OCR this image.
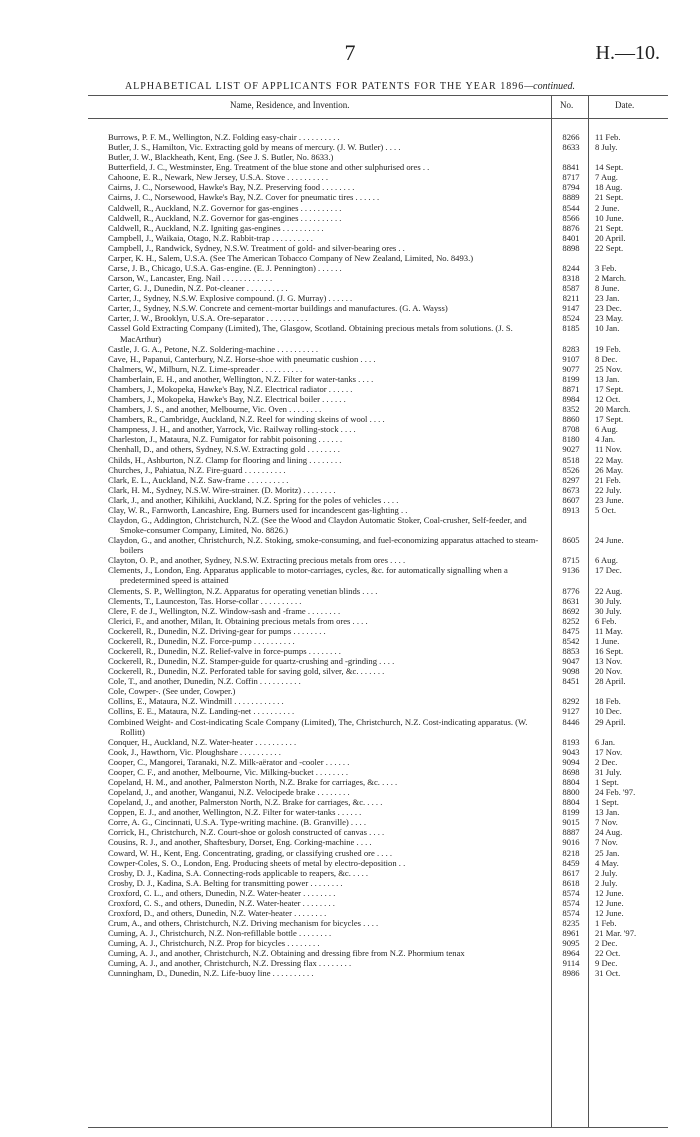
7	H.—10.
ALPHABETICAL LIST OF APPLICANTS FOR PATENTS FOR THE YEAR 1896—continued.
Name, Residence, and Invention.	No.	Date.
Burrows, P. F. M., Wellington, N.Z. Folding easy-chair . . . . . . . . . .	8266	11 Feb.
Butler, J. S., Hamilton, Vic. Extracting gold by means of mercury. (J. W. Butler) . . . .	8633	8 July.
Butler, J. W., Blackheath, Kent, Eng. (See J. S. Butler, No. 8633.)
Butterfield, J. C., Westminster, Eng. Treatment of the blue stone and other sulphurised ores . .	8841	14 Sept.
Cahoone, E. R., Newark, New Jersey, U.S.A. Stove . . . . . . . . . .	8717	7 Aug.
Cairns, J. C., Norsewood, Hawke's Bay, N.Z. Preserving food . . . . . . . .	8794	18 Aug.
Cairns, J. C., Norsewood, Hawke's Bay, N.Z. Cover for pneumatic tires . . . . . .	8889	21 Sept.
Caldwell, R., Auckland, N.Z. Governor for gas-engines . . . . . . . . . .	8544	2 June.
Caldwell, R., Auckland, N.Z. Governor for gas-engines . . . . . . . . . .	8566	10 June.
Caldwell, R., Auckland, N.Z. Igniting gas-engines . . . . . . . . . .	8876	21 Sept.
Campbell, J., Waikaia, Otago, N.Z. Rabbit-trap . . . . . . . . . .	8401	20 April.
Campbell, J., Randwick, Sydney, N.S.W. Treatment of gold- and silver-bearing ores . .	8898	22 Sept.
Carper, K. H., Salem, U.S.A. (See The American Tobacco Company of New Zealand, Limited, No. 8493.)
Carse, J. B., Chicago, U.S.A. Gas-engine. (E. J. Pennington) . . . . . .	8244	3 Feb.
Carson, W., Lancaster, Eng. Nail . . . . . . . . . . . .	8318	2 March.
Carter, G. J., Dunedin, N.Z. Pot-cleaner . . . . . . . . . .	8587	8 June.
Carter, J., Sydney, N.S.W. Explosive compound. (J. G. Murray) . . . . . .	8211	23 Jan.
Carter, J., Sydney, N.S.W. Concrete and cement-mortar buildings and manufactures. (G. A. Wayss)	9147	23 Dec.
Carter, J. W., Brooklyn, U.S.A. Ore-separator . . . . . . . . . .	8524	23 May.
Cassel Gold Extracting Company (Limited), The, Glasgow, Scotland. Obtaining precious metals from solutions. (J. S. MacArthur)
8185	10 Jan.
Castle, J. G. A., Petone, N.Z. Soldering-machine . . . . . . . . . .	8283	19 Feb.
Cave, H., Papanui, Canterbury, N.Z. Horse-shoe with pneumatic cushion . . . .	9107	8 Dec.
Chalmers, W., Milburn, N.Z. Lime-spreader . . . . . . . . . .	9077	25 Nov.
Chamberlain, E. H., and another, Wellington, N.Z. Filter for water-tanks . . . .	8199	13 Jan.
Chambers, J., Mokopeka, Hawke's Bay, N.Z. Electrical radiator . . . . . .	8871	17 Sept.
Chambers, J., Mokopeka, Hawke's Bay, N.Z. Electrical boiler . . . . . .	8984	12 Oct.
Chambers, J. S., and another, Melbourne, Vic. Oven . . . . . . . .	8352	20 March.
Chambers, R., Cambridge, Auckland, N.Z. Reel for winding skeins of wool . . . .	8860	17 Sept.
Champness, J. H., and another, Yarrock, Vic. Railway rolling-stock . . . .	8708	6 Aug.
Charleston, J., Mataura, N.Z. Fumigator for rabbit poisoning . . . . . .	8180	4 Jan.
Chenhall, D., and others, Sydney, N.S.W. Extracting gold . . . . . . . .	9027	11 Nov.
Childs, H., Ashburton, N.Z. Clamp for flooring and lining . . . . . . . .	8518	22 May.
Churches, J., Pahiatua, N.Z. Fire-guard . . . . . . . . . .	8526	26 May.
Clark, E. L., Auckland, N.Z. Saw-frame . . . . . . . . . .	8297	21 Feb.
Clark, H. M., Sydney, N.S.W. Wire-strainer. (D. Moritz) . . . . . . . .	8673	22 July.
Clark, J., and another, Kihikihi, Auckland, N.Z. Spring for the poles of vehicles . . . .	8607	23 June.
Clay, W. R., Farnworth, Lancashire, Eng. Burners used for incandescent gas-lighting . .	8913	5 Oct.
Claydon, G., Addington, Christchurch, N.Z. (See the Wood and Claydon Automatic Stoker, Coal-crusher, Self-feeder, and Smoke-consumer Company, Limited, No. 8826.)
Claydon, G., and another, Christchurch, N.Z. Stoking, smoke-consuming, and fuel-economizing apparatus attached to steam-boilers
8605	24 June.
Clayton, O. P., and another, Sydney, N.S.W. Extracting precious metals from ores . . . .	8715	6 Aug.
Clements, J., London, Eng. Apparatus applicable to motor-carriages, cycles, &c. for automatically signalling when a predetermined speed is attained
9136	17 Dec.
Clements, S. P., Wellington, N.Z. Apparatus for operating venetian blinds . . . .	8776	22 Aug.
Clements, T., Launceston, Tas. Horse-collar . . . . . . . . . .	8631	30 July.
Clere, F. de J., Wellington, N.Z. Window-sash and -frame . . . . . . . .	8692	30 July.
Clerici, F., and another, Milan, It. Obtaining precious metals from ores . . . .	8252	6 Feb.
Cockerell, R., Dunedin, N.Z. Driving-gear for pumps . . . . . . . .	8475	11 May.
Cockerell, R., Dunedin, N.Z. Force-pump . . . . . . . . . .	8542	1 June.
Cockerell, R., Dunedin, N.Z. Relief-valve in force-pumps . . . . . . . .	8853	16 Sept.
Cockerell, R., Dunedin, N.Z. Stamper-guide for quartz-crushing and -grinding . . . .	9047	13 Nov.
Cockerell, R., Dunedin, N.Z. Perforated table for saving gold, silver, &c. . . . . . .	9098	20 Nov.
Cole, T., and another, Dunedin, N.Z. Coffin . . . . . . . . . .	8451	28 April.
Cole, Cowper-. (See under, Cowper.)
Collins, E., Mataura, N.Z. Windmill . . . . . . . . . . . .	8292	18 Feb.
Collins, E. E., Mataura, N.Z. Landing-net . . . . . . . . . .	9127	10 Dec.
Combined Weight- and Cost-indicating Scale Company (Limited), The, Christchurch, N.Z. Cost-indicating apparatus. (W. Rollitt)
8446	29 April.
Conquer, H., Auckland, N.Z. Water-heater . . . . . . . . . .	8193	6 Jan.
Cook, J., Hawthorn, Vic. Ploughshare . . . . . . . . . .	9043	17 Nov.
Cooper, C., Mangorei, Taranaki, N.Z. Milk-aërator and -cooler . . . . . .	9094	2 Dec.
Cooper, C. F., and another, Melbourne, Vic. Milking-bucket . . . . . . . .	8698	31 July.
Copeland, H. M., and another, Palmerston North, N.Z. Brake for carriages, &c. . . . .	8804	1 Sept.
Copeland, J., and another, Wanganui, N.Z. Velocipede brake . . . . . . . .	8800	24 Feb. '97.
Copeland, J., and another, Palmerston North, N.Z. Brake for carriages, &c. . . . .	8804	1 Sept.
Coppen, E. J., and another, Wellington, N.Z. Filter for water-tanks . . . . . .	8199	13 Jan.
Corre, A. G., Cincinnati, U.S.A. Type-writing machine. (B. Granville) . . . .	9015	7 Nov.
Corrick, H., Christchurch, N.Z. Court-shoe or golosh constructed of canvas . . . .	8887	24 Aug.
Cousins, R. J., and another, Shaftesbury, Dorset, Eng. Corking-machine . . . .	9016	7 Nov.
Coward, W. H., Kent, Eng. Concentrating, grading, or classifying crushed ore . . . .	8218	25 Jan.
Cowper-Coles, S. O., London, Eng. Producing sheets of metal by electro-deposition . .	8459	4 May.
Crosby, D. J., Kadina, S.A. Connecting-rods applicable to reapers, &c. . . . .	8617	2 July.
Crosby, D. J., Kadina, S.A. Belting for transmitting power . . . . . . . .	8618	2 July.
Croxford, C. L., and others, Dunedin, N.Z. Water-heater . . . . . . . .	8574	12 June.
Croxford, C. S., and others, Dunedin, N.Z. Water-heater . . . . . . . .	8574	12 June.
Croxford, D., and others, Dunedin, N.Z. Water-heater . . . . . . . .	8574	12 June.
Crum, A., and others, Christchurch, N.Z. Driving mechanism for bicycles . . . .	8235	1 Feb.
Cuming, A. J., Christchurch, N.Z. Non-refillable bottle . . . . . . . .	8961	21 Mar. '97.
Cuming, A. J., Christchurch, N.Z. Prop for bicycles . . . . . . . .	9095	2 Dec.
Cuming, A. J., and another, Christchurch, N.Z. Obtaining and dressing fibre from N.Z. Phormium tenax	8964	22 Oct.
Cuming, A. J., and another, Christchurch, N.Z. Dressing flax . . . . . . . .	9114	9 Dec.
Cunningham, D., Dunedin, N.Z. Life-buoy line . . . . . . . . . .	8986	31 Oct.
